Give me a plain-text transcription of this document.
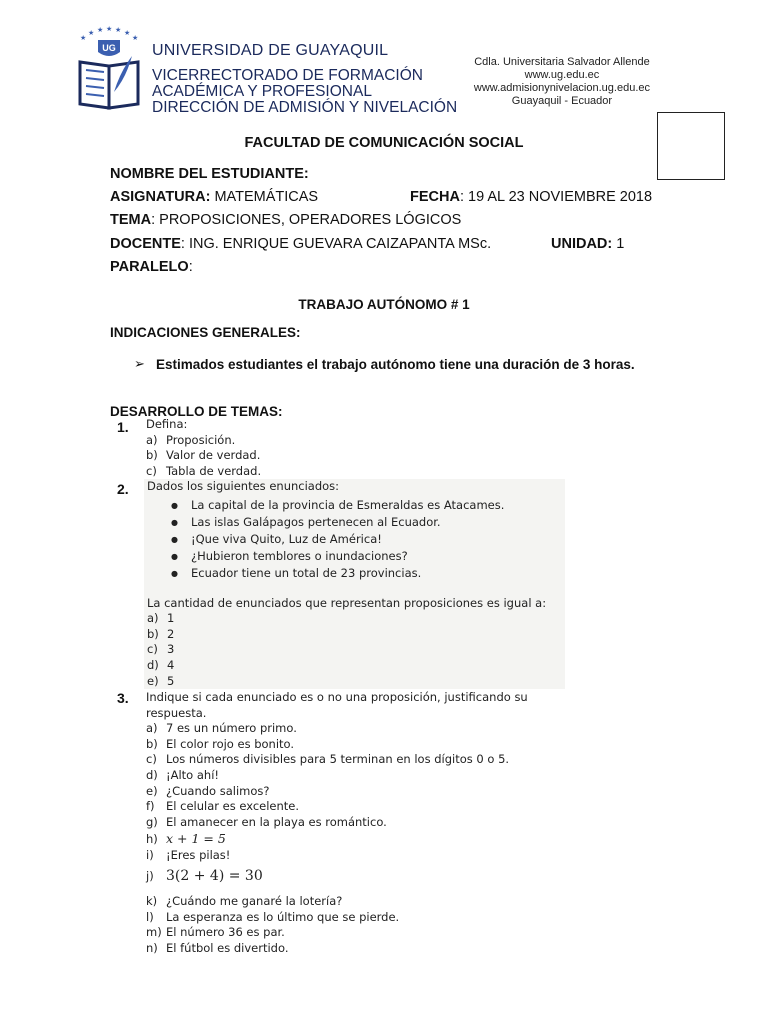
★
★ ★ ★ ★ ★
★
UG UNIVERSIDAD DE GUAYAQUIL
VICERRECTORADO DE FORMACIÓN
ACADÉMICA Y PROFESIONAL
DIRECCIÓN DE ADMISIÓN Y NIVELACIÓN
Cdla. Universitaria Salvador Allende
www.ug.edu.ec
www.admisionynivelacion.ug.edu.ec
Guayaquil - Ecuador
FACULTAD DE COMUNICACIÓN SOCIAL
NOMBRE DEL ESTUDIANTE:
ASIGNATURA: MATEMÁTICAS	FECHA: 19 AL 23 NOVIEMBRE 2018
TEMA: PROPOSICIONES, OPERADORES LÓGICOS
DOCENTE: ING. ENRIQUE GUEVARA CAIZAPANTA MSc.	UNIDAD: 1
PARALELO:
TRABAJO AUTÓNOMO # 1
INDICACIONES GENERALES:
➢ Estimados estudiantes el trabajo autónomo tiene una duración de 3 horas.
DESARROLLO DE TEMAS:
1. Defina:
a) Proposición.
b) Valor de verdad.
c) Tabla de verdad.
2. Dados los siguientes enunciados:
● La capital de la provincia de Esmeraldas es Atacames.
● Las islas Galápagos pertenecen al Ecuador.
● ¡Que viva Quito, Luz de América!
● ¿Hubieron temblores o inundaciones?
● Ecuador tiene un total de 23 provincias.
La cantidad de enunciados que representan proposiciones es igual a:
a) 1
b) 2
c) 3
d) 4
e) 5
3. Indique si cada enunciado es o no una proposición, justificando su respuesta.
a) 7 es un número primo.
b) El color rojo es bonito.
c) Los números divisibles para 5 terminan en los dígitos 0 o 5.
d) ¡Alto ahí!
e) ¿Cuando salimos?
f) El celular es excelente.
g) El amanecer en la playa es romántico.
h) x + 1 = 5
i) ¡Eres pilas!
j) 3(2 + 4) = 30
k) ¿Cuándo me ganaré la lotería?
l) La esperanza es lo último que se pierde.
m) El número 36 es par.
n) El fútbol es divertido.
